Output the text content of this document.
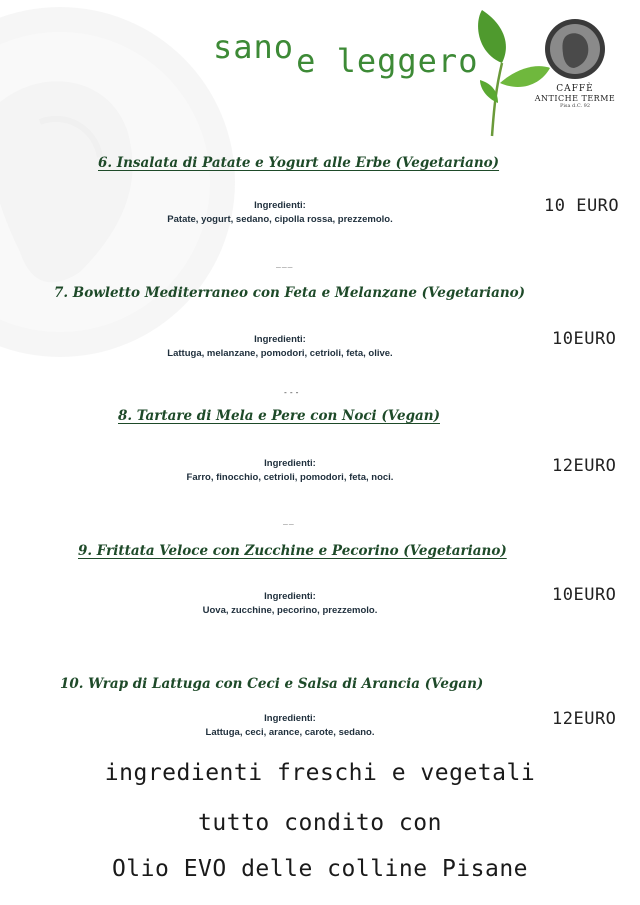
sanoe leggero
CAFFÈ
ANTICHE TERME
Pisa d.C. 92
6. Insalata di Patate e Yogurt alle Erbe (Vegetariano)
Ingredienti:
Patate, yogurt, sedano, cipolla rossa, prezzemolo.
10 EURO
___
7. Bowletto Mediterraneo con Feta e Melanzane (Vegetariano)
Ingredienti:
Lattuga, melanzane, pomodori, cetrioli, feta, olive.
10EURO
---
8. Tartare di Mela e Pere con Noci (Vegan)
Ingredienti:
Farro, finocchio, cetrioli, pomodori, feta, noci.
12EURO
__
9. Frittata Veloce con Zucchine e Pecorino (Vegetariano)
Ingredienti:
Uova, zucchine, pecorino, prezzemolo.
10EURO
10. Wrap di Lattuga con Ceci e Salsa di Arancia (Vegan)
Ingredienti:
Lattuga, ceci, arance, carote, sedano.
12EURO
ingredienti freschi e vegetali
tutto condito con
Olio EVO delle colline Pisane
